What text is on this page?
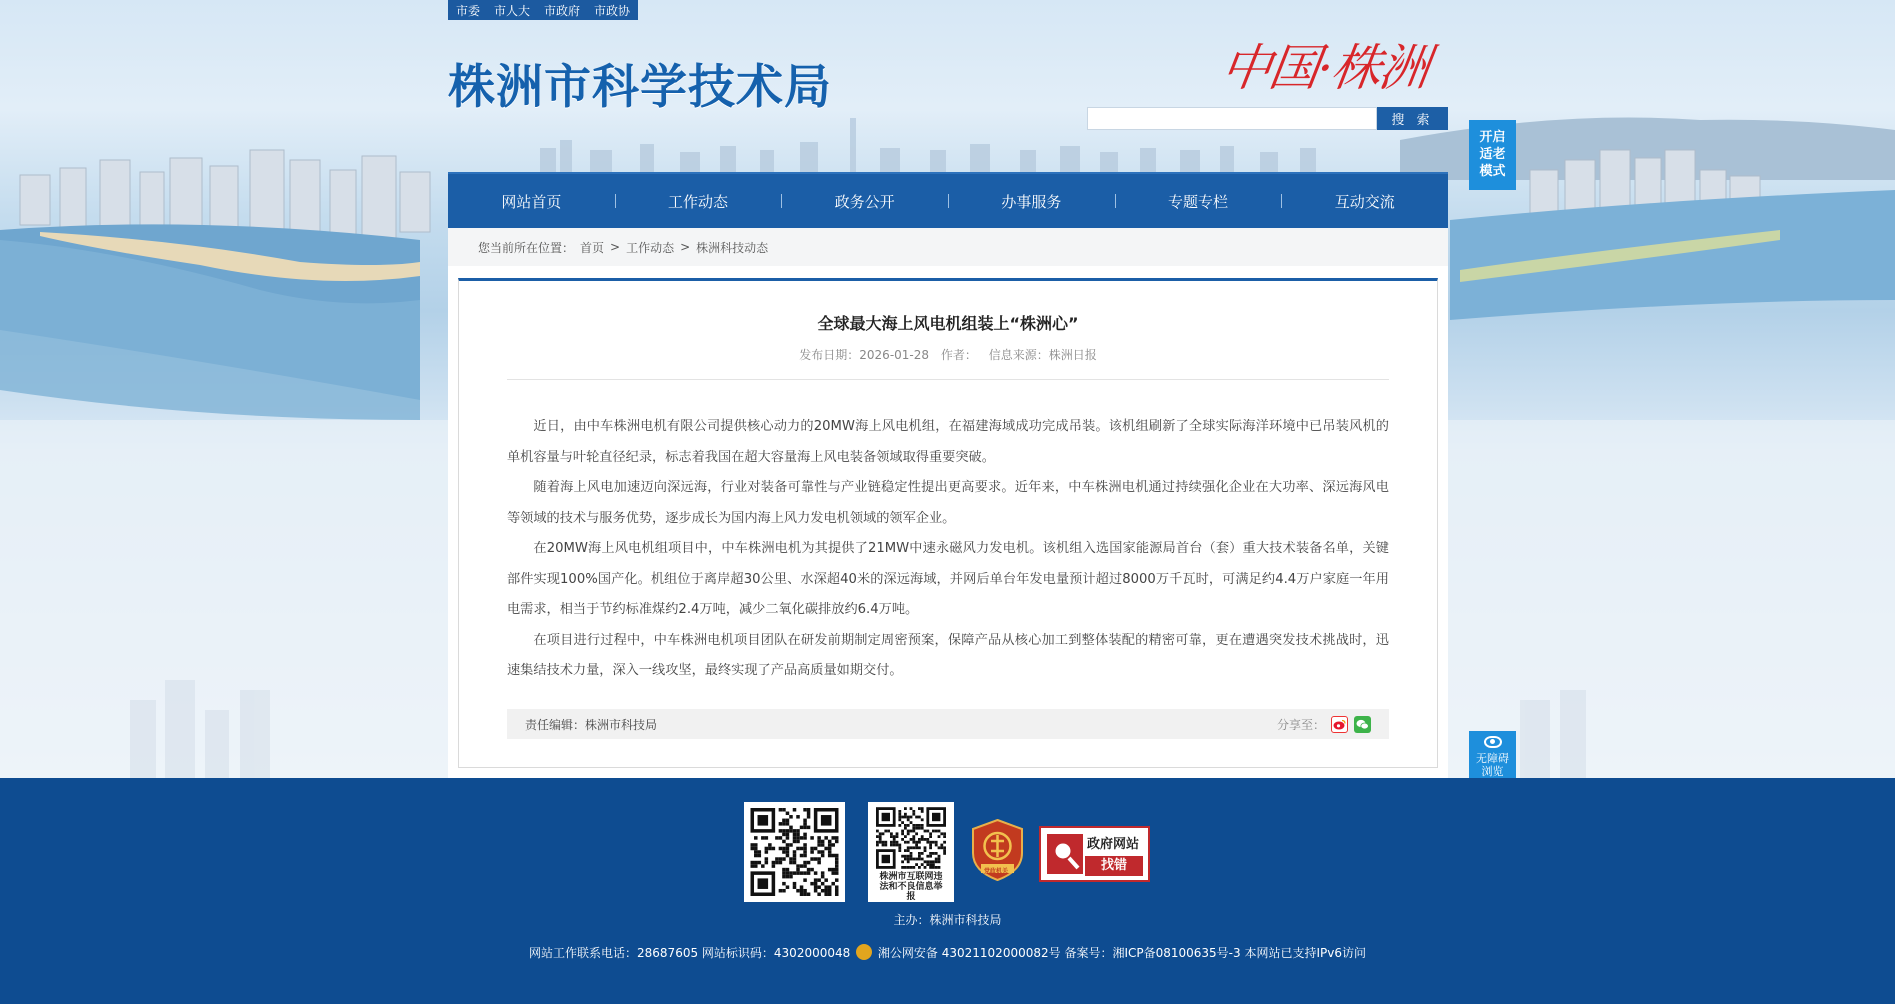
市委 市人大 市政府 市政协
株洲市科学技术局	中国·株洲
搜 索
开启适老模式
网站首页	工作动态	政务公开	办事服务	专题专栏	互动交流
您当前所在位置： 首页 > 工作动态 > 株洲科技动态
全球最大海上风电机组装上“株洲心”
发布日期：2026-01-28 作者： 信息来源：株洲日报

近日，由中车株洲电机有限公司提供核心动力的20MW海上风电机组，在福建海域成功完成吊装。该机组刷新了全球实际海洋环境中已吊装风机的单机容量与叶轮直径纪录，标志着我国在超大容量海上风电装备领域取得重要突破。

随着海上风电加速迈向深远海，行业对装备可靠性与产业链稳定性提出更高要求。近年来，中车株洲电机通过持续强化企业在大功率、深远海风电等领域的技术与服务优势，逐步成长为国内海上风力发电机领域的领军企业。

在20MW海上风电机组项目中，中车株洲电机为其提供了21MW中速永磁风力发电机。该机组入选国家能源局首台（套）重大技术装备名单，关键部件实现100%国产化。机组位于离岸超30公里、水深超40米的深远海域，并网后单台年发电量预计超过8000万千瓦时，可满足约4.4万户家庭一年用电需求，相当于节约标准煤约2.4万吨，减少二氧化碳排放约6.4万吨。

在项目进行过程中，中车株洲电机项目团队在研发前期制定周密预案，保障产品从核心加工到整体装配的精密可靠，更在遭遇突发技术挑战时，迅速集结技术力量，深入一线攻坚，最终实现了产品高质量如期交付。

责任编辑：株洲市科技局	分享至：
无障碍浏览
株洲市互联网违法和不良信息举报
党政机关
政府网站
找错
主办：株洲市科技局
网站工作联系电话：28687605 网站标识码：4302000048 湘公网安备 43021102000082号 备案号：湘ICP备08100635号-3 本网站已支持IPv6访问
